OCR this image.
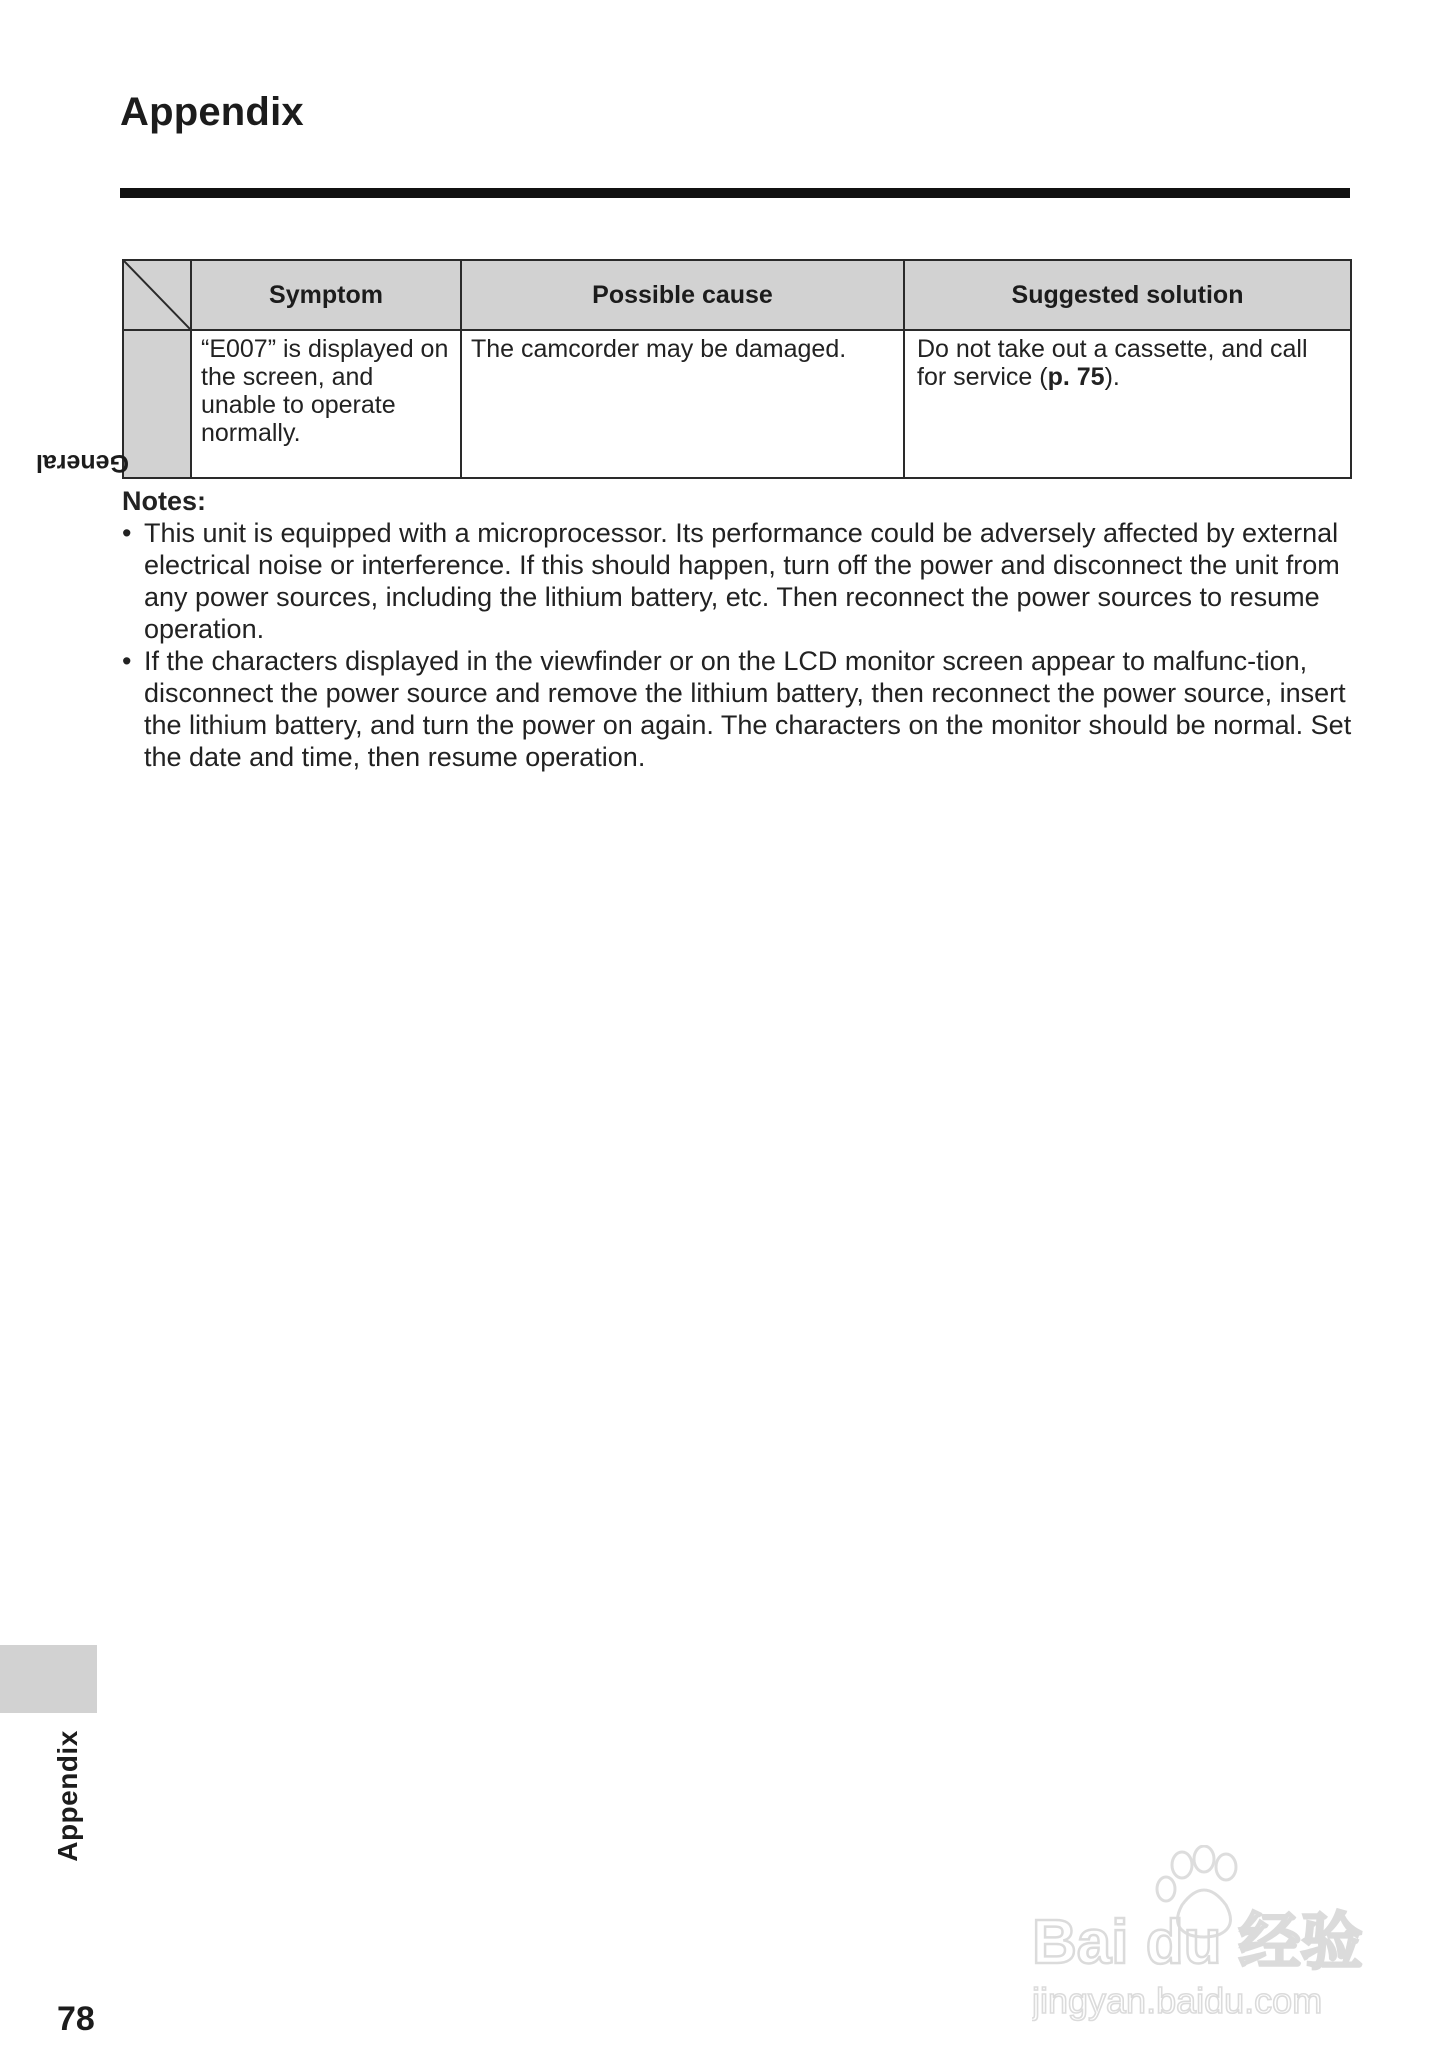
Appendix
	Symptom	Possible cause	Suggested solution

General	“E007” is displayed on the screen, and unable to operate normally.	The camcorder may be damaged.	Do not take out a cassette, and call for service (p. 75).

Notes:

• This unit is equipped with a microprocessor. Its performance could be adversely affected by external electrical noise or interference. If this should happen, turn off the power and disconnect the unit from any power sources, including the lithium battery, etc. Then reconnect the power sources to resume operation.
• If the characters displayed in the viewfinder or on the LCD monitor screen appear to malfunc-tion, disconnect the power source and remove the lithium battery, then reconnect the power source, insert the lithium battery, and turn the power on again. The characters on the monitor should be normal. Set the date and time, then resume operation.
Appendix
78
Bai du 经验
jingyan.baidu.com
